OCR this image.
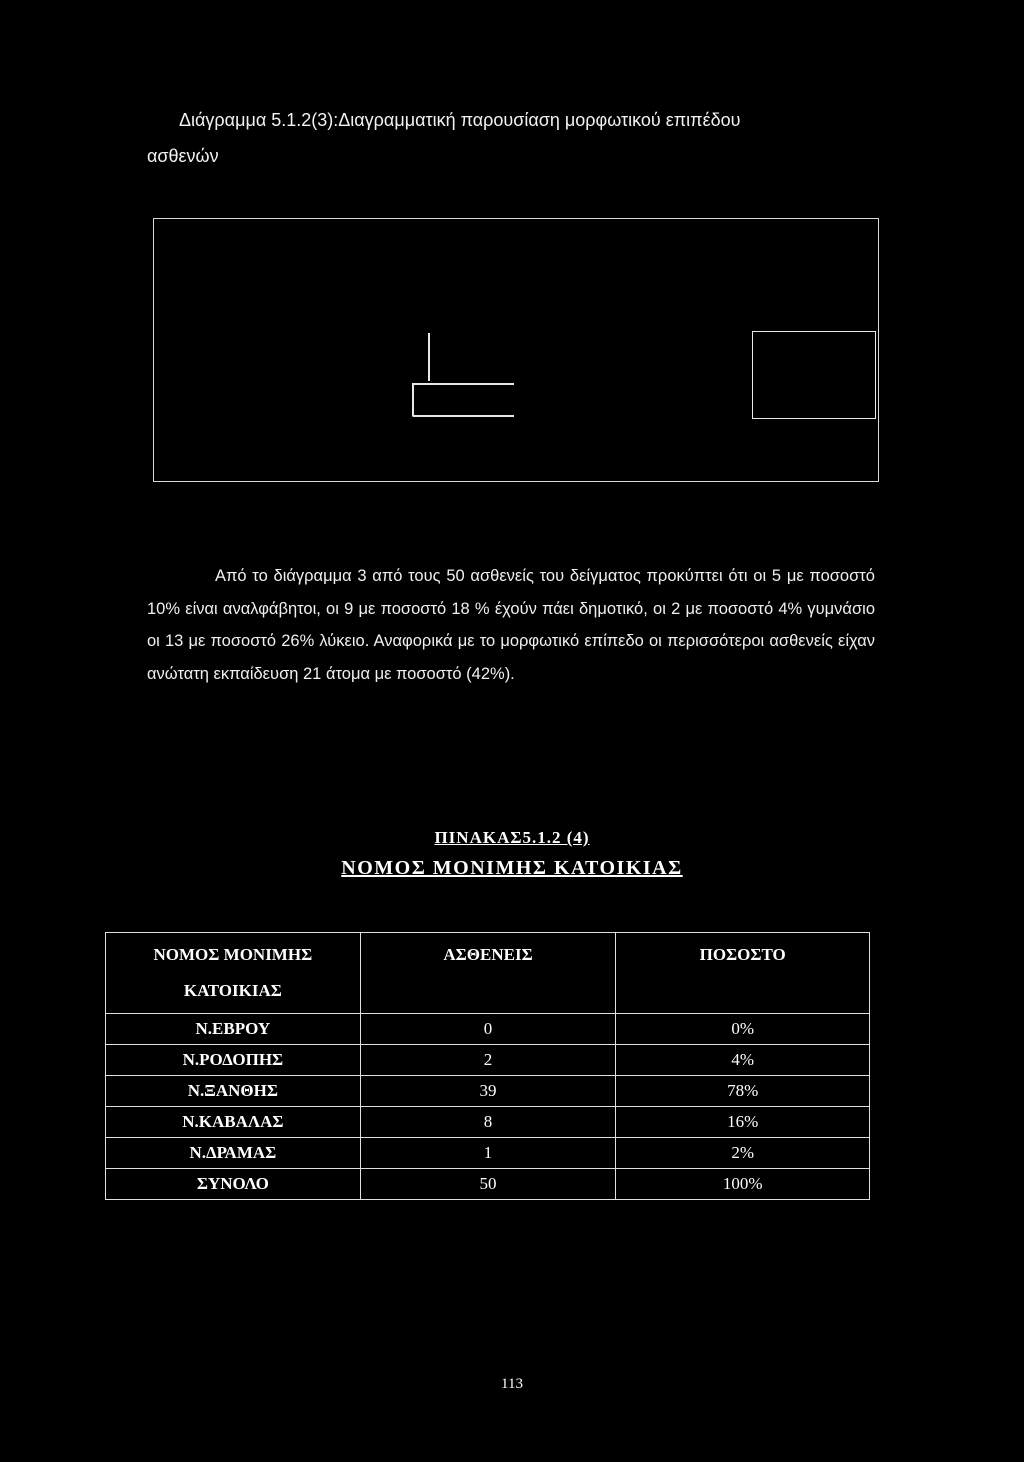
Διάγραμμα 5.1.2(3):Διαγραμματική παρουσίαση μορφωτικού επιπέδου
ασθενών
Από το διάγραμμα 3 από τους 50 ασθενείς του δείγματος προκύπτει ότι οι 5 με ποσοστό 10% είναι αναλφάβητοι, οι 9 με ποσοστό 18 % έχούν πάει δημοτικό, οι 2 με ποσοστό 4% γυμνάσιο οι 13 με ποσοστό 26% λύκειο. Αναφορικά με το μορφωτικό επίπεδο οι περισσότεροι ασθενείς είχαν ανώτατη εκπαίδευση 21 άτομα με ποσοστό (42%).
ΠΙΝΑΚΑΣ5.1.2 (4)
ΝΟΜΟΣ ΜΟΝΙΜΗΣ ΚΑΤΟΙΚΙΑΣ
ΝΟΜΟΣ ΜΟΝΙΜΗΣ ΚΑΤΟΙΚΙΑΣ	ΑΣΘΕΝΕΙΣ	ΠΟΣΟΣΤΟ
Ν.ΕΒΡΟΥ	0	0%
Ν.ΡΟΔΟΠΗΣ	2	4%
Ν.ΞΑΝΘΗΣ	39	78%
Ν.ΚΑΒΑΛΑΣ	8	16%
Ν.ΔΡΑΜΑΣ	1	2%
ΣΥΝΟΛΟ	50	100%
113
